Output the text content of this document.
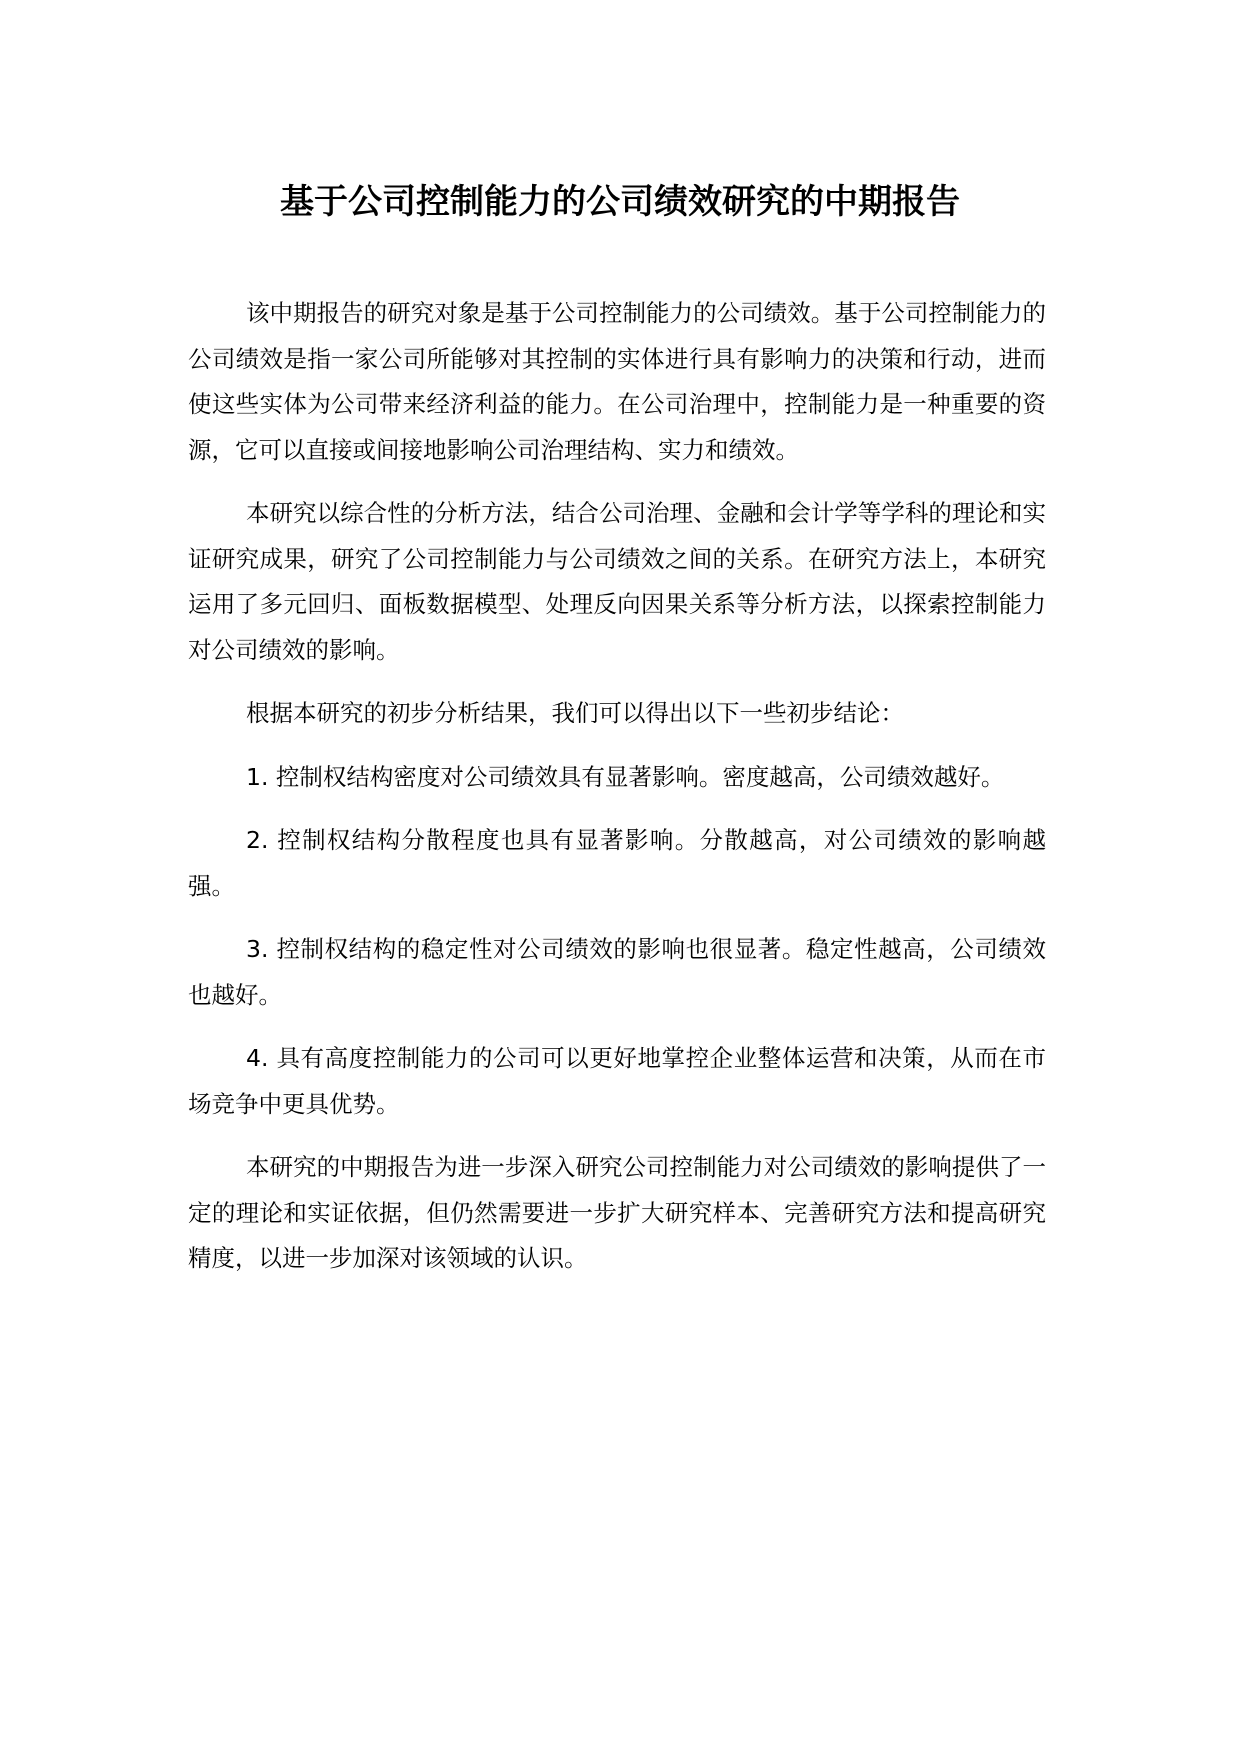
基于公司控制能力的公司绩效研究的中期报告

该中期报告的研究对象是基于公司控制能力的公司绩效。基于公司控制能力的公司绩效是指一家公司所能够对其控制的实体进行具有影响力的决策和行动，进而使这些实体为公司带来经济利益的能力。在公司治理中，控制能力是一种重要的资源，它可以直接或间接地影响公司治理结构、实力和绩效。

本研究以综合性的分析方法，结合公司治理、金融和会计学等学科的理论和实证研究成果，研究了公司控制能力与公司绩效之间的关系。在研究方法上，本研究运用了多元回归、面板数据模型、处理反向因果关系等分析方法，以探索控制能力对公司绩效的影响。

根据本研究的初步分析结果，我们可以得出以下一些初步结论：

1. 控制权结构密度对公司绩效具有显著影响。密度越高，公司绩效越好。

2. 控制权结构分散程度也具有显著影响。分散越高，对公司绩效的影响越强。

3. 控制权结构的稳定性对公司绩效的影响也很显著。稳定性越高，公司绩效也越好。

4. 具有高度控制能力的公司可以更好地掌控企业整体运营和决策，从而在市场竞争中更具优势。

本研究的中期报告为进一步深入研究公司控制能力对公司绩效的影响提供了一定的理论和实证依据，但仍然需要进一步扩大研究样本、完善研究方法和提高研究精度，以进一步加深对该领域的认识。
